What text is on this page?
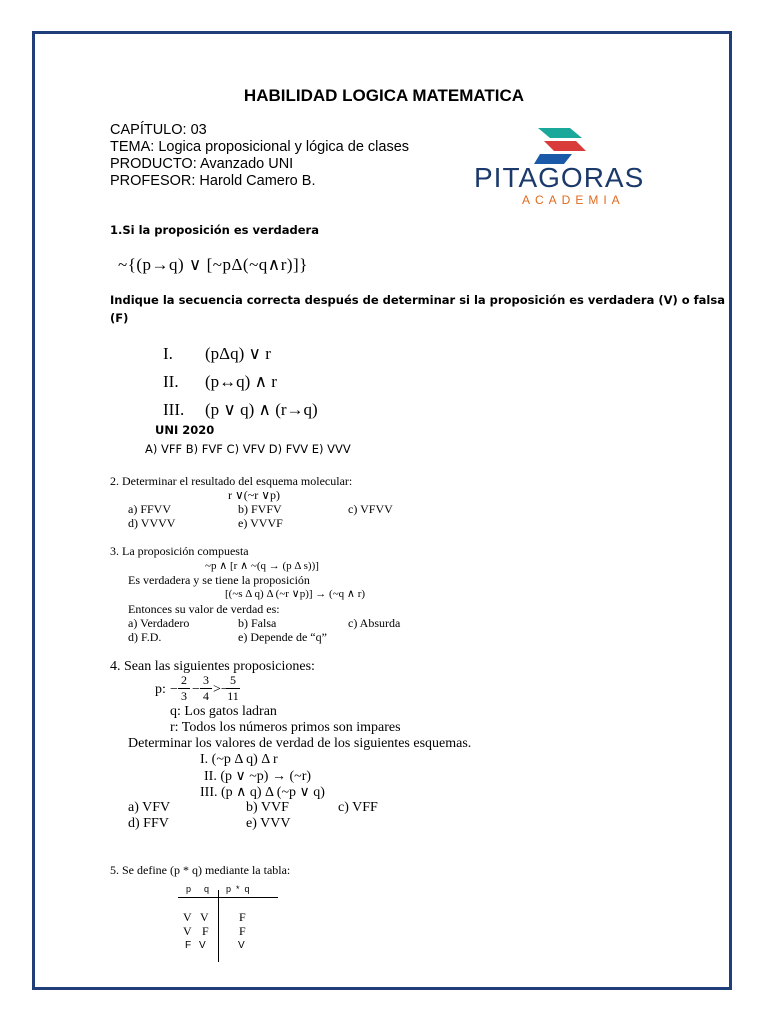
HABILIDAD LOGICA MATEMATICA
CAPÍTULO: 03
TEMA: Logica proposicional y lógica de clases
PRODUCTO: Avanzado UNI
PROFESOR: Harold Camero B.	PITAGORAS
ACADEMIA
1.Si la proposición es verdadera
~{(p→q) ∨ [~pΔ(~q∧r)]}
Indique la secuencia correcta después de determinar si la proposición es verdadera (V) o falsa
(F)
I. (pΔq) ∨ r
II. (p↔q) ∧ r
III. (p ∨ q) ∧ (r→q)
UNI 2020
A) VFF B) FVF C) VFV D) FVV E) VVV
2. Determinar el resultado del esquema molecular:
r ∨(~r ∨p)
a) FFVV	b) FVFV	c) VFVV
d) VVVV	e) VVVF
3. La proposición compuesta
~p ∧ [r ∧ ~(q → (p Δ s))]
Es verdadera y se tiene la proposición
[(~s Δ q) Δ (~r ∨p)] → (~q ∧ r)
Entonces su valor de verdad es:
a) Verdadero	b) Falsa	c) Absurda
d) F.D.	e) Depende de “q”
4. Sean las siguientes proposiciones:
p: −
2
3 −
3
4 >−
5
11
q: Los gatos ladran
r: Todos los números primos son impares
Determinar los valores de verdad de los siguientes esquemas.
I. (~p Δ q) Δ r
II. (p ∨ ~p) → (~r)
III. (p ∧ q) Δ (~p ∨ q)
a) VFV	b) VVF	c) VFF
d) FFV	e) VVV
5. Se define (p * q) mediante la tabla:
p q p  *  q
V V	F
V F	F
F V	V
